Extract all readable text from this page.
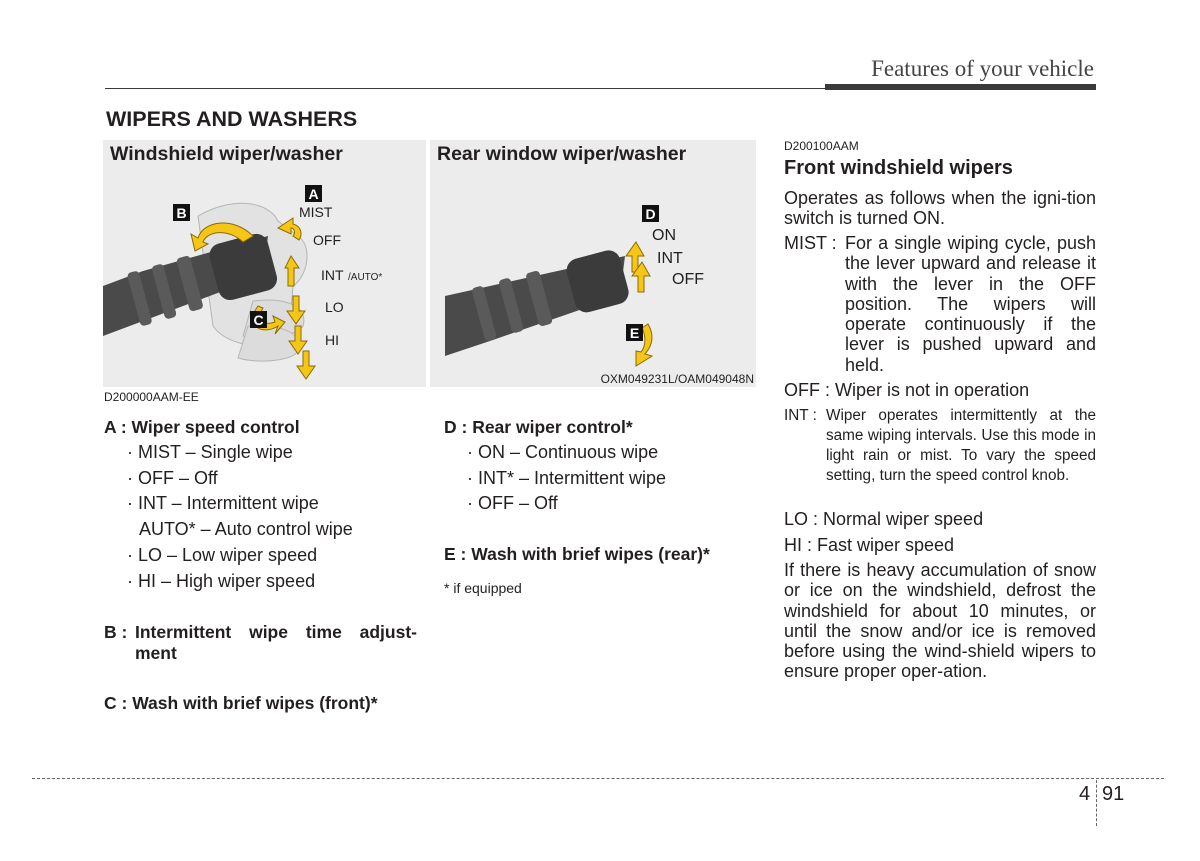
Features of your vehicle
WIPERS AND WASHERS
Windshield wiper/washer
A
B
C
MIST
OFF
INT /AUTO*
LO
HI
Rear window wiper/washer
D
E
ON
INT
OFF
OXM049231L/OAM049048N
D200000AAM-EE
A : Wiper speed control
· MIST – Single wipe
· OFF – Off
· INT – Intermittent wipe
AUTO* – Auto control wipe
· LO – Low wiper speed
· HI – High wiper speed
B : Intermittent wipe time adjust-
ment
C : Wash with brief wipes (front)*
D : Rear wiper control*
· ON – Continuous wipe
· INT* – Intermittent wipe
· OFF – Off
E : Wash with brief wipes (rear)*
* if equipped
D200100AAM
Front windshield wipers
Operates as follows when the igni-tion switch is turned ON.
MIST : For a single wiping cycle, push the lever upward and release it with the lever in the OFF position. The wipers will operate continuously if the lever is pushed upward and held.
OFF : Wiper is not in operation
INT : Wiper operates intermittently at the same wiping intervals. Use this mode in light rain or mist. To vary the speed setting, turn the speed control knob.
LO : Normal wiper speed
HI : Fast wiper speed
If there is heavy accumulation of snow or ice on the windshield, defrost the windshield for about 10 minutes, or until the snow and/or ice is removed before using the wind-shield wipers to ensure proper oper-ation.
4 91
